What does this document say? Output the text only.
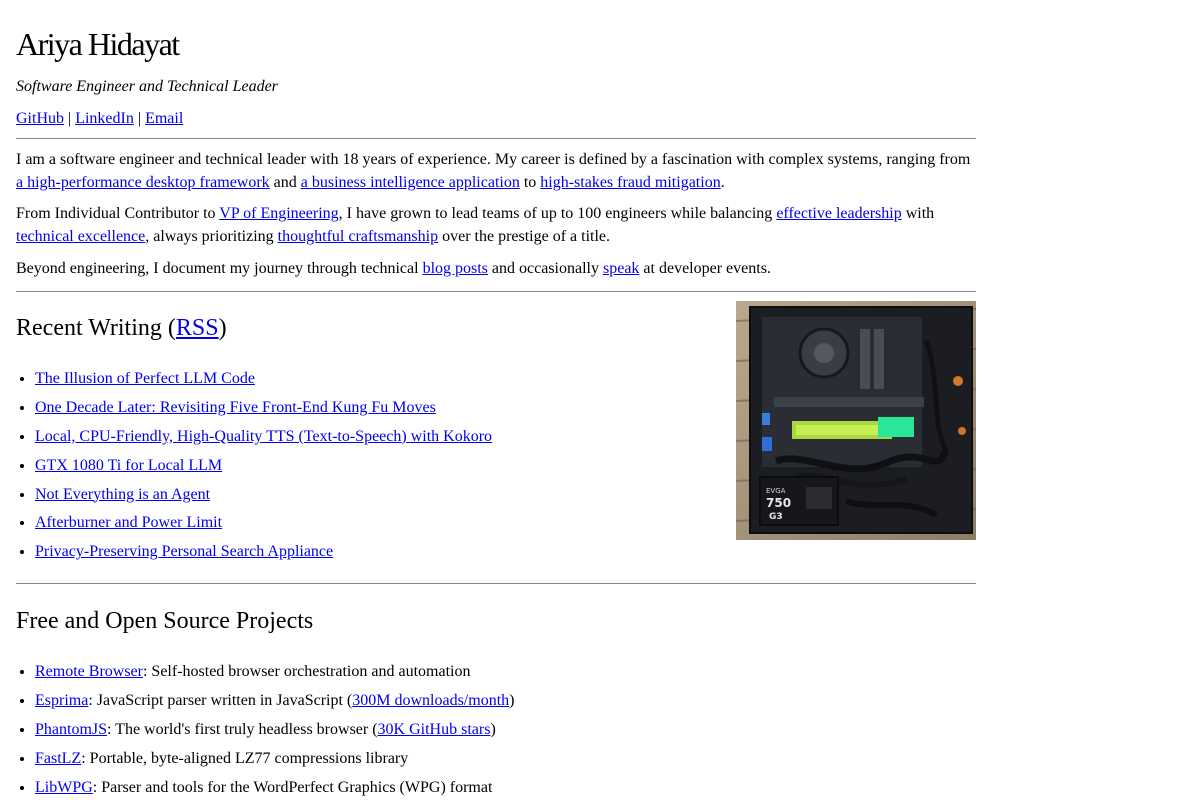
Ariya Hidayat
Software Engineer and Technical Leader
GitHub | LinkedIn | Email

I am a software engineer and technical leader with 18 years of experience. My career is defined by a fascination with complex systems, ranging from a high-performance desktop framework and a business intelligence application to high-stakes fraud mitigation.

From Individual Contributor to VP of Engineering, I have grown to lead teams of up to 100 engineers while balancing effective leadership with technical excellence, always prioritizing thoughtful craftsmanship over the prestige of a title.

Beyond engineering, I document my journey through technical blog posts and occasionally speak at developer events.

Recent Writing (RSS)
• The Illusion of Perfect LLM Code
• One Decade Later: Revisiting Five Front-End Kung Fu Moves
• Local, CPU-Friendly, High-Quality TTS (Text-to-Speech) with Kokoro
• GTX 1080 Ti for Local LLM
• Not Everything is an Agent
• Afterburner and Power Limit
• Privacy-Preserving Personal Search Appliance
EVGA
750
G3
Free and Open Source Projects
• Remote Browser: Self-hosted browser orchestration and automation
• Esprima: JavaScript parser written in JavaScript (300M downloads/month)
• PhantomJS: The world's first truly headless browser (30K GitHub stars)
• FastLZ: Portable, byte-aligned LZ77 compressions library
• LibWPG: Parser and tools for the WordPerfect Graphics (WPG) format
